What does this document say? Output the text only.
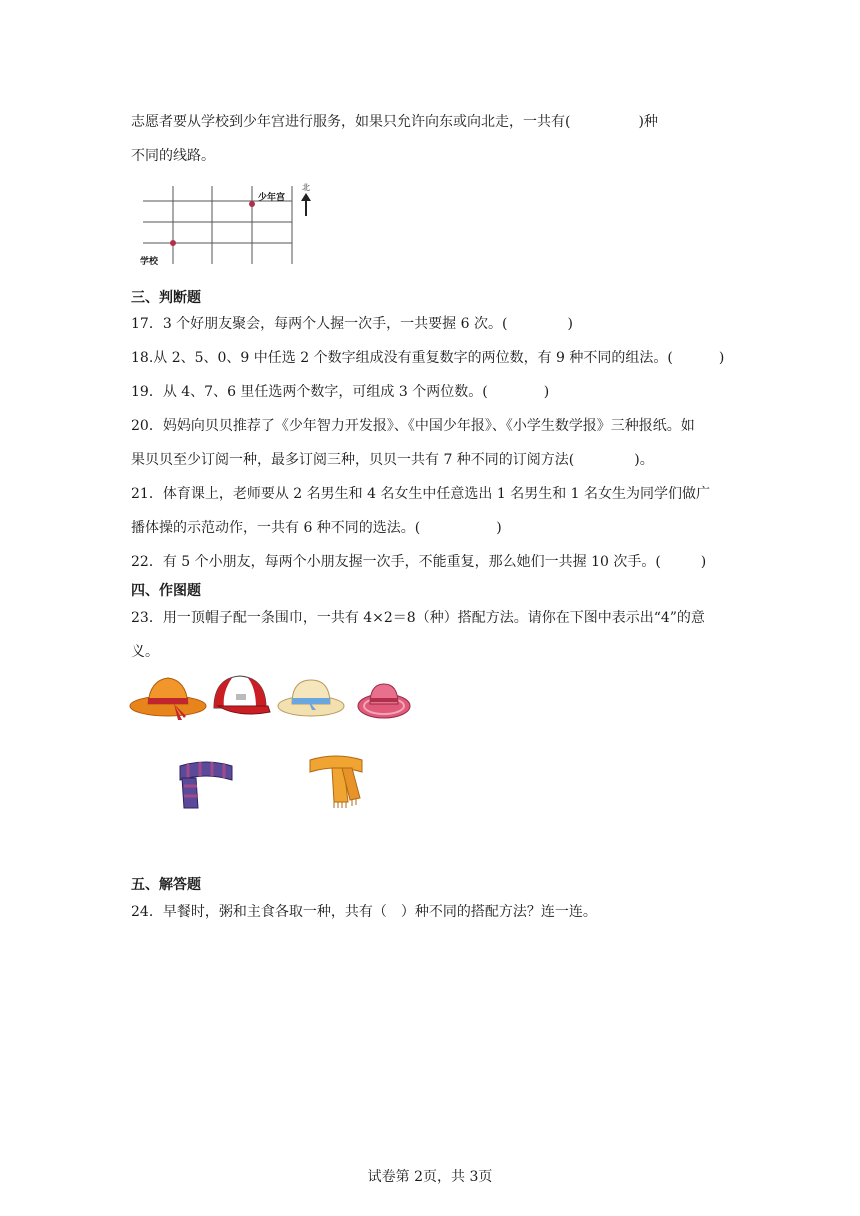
志愿者要从学校到少年宫进行服务，如果只允许向东或向北走，一共有(	)种
不同的线路。
学校
少年宫
北
三、判断题
17．3 个好朋友聚会，每两个人握一次手，一共要握 6 次。(	)
18.从 2、5、0、9 中任选 2 个数字组成没有重复数字的两位数，有 9 种不同的组法。(	)
19．从 4、7、6 里任选两个数字，可组成 3 个两位数。(	)
20．妈妈向贝贝推荐了《少年智力开发报》、《中国少年报》、《小学生数学报》三种报纸。如
果贝贝至少订阅一种，最多订阅三种，贝贝一共有 7 种不同的订阅方法(	)。
21．体育课上，老师要从 2 名男生和 4 名女生中任意选出 1 名男生和 1 名女生为同学们做广
播体操的示范动作，一共有 6 种不同的选法。(	)
22．有 5 个小朋友，每两个小朋友握一次手，不能重复，那么她们一共握 10 次手。(	)
四、作图题
23．用一顶帽子配一条围巾，一共有 4×2＝8（种）搭配方法。请你在下图中表示出“4”的意
义。
五、解答题
24．早餐时，粥和主食各取一种，共有（　）种不同的搭配方法？连一连。
试卷第 2页，共 3页
